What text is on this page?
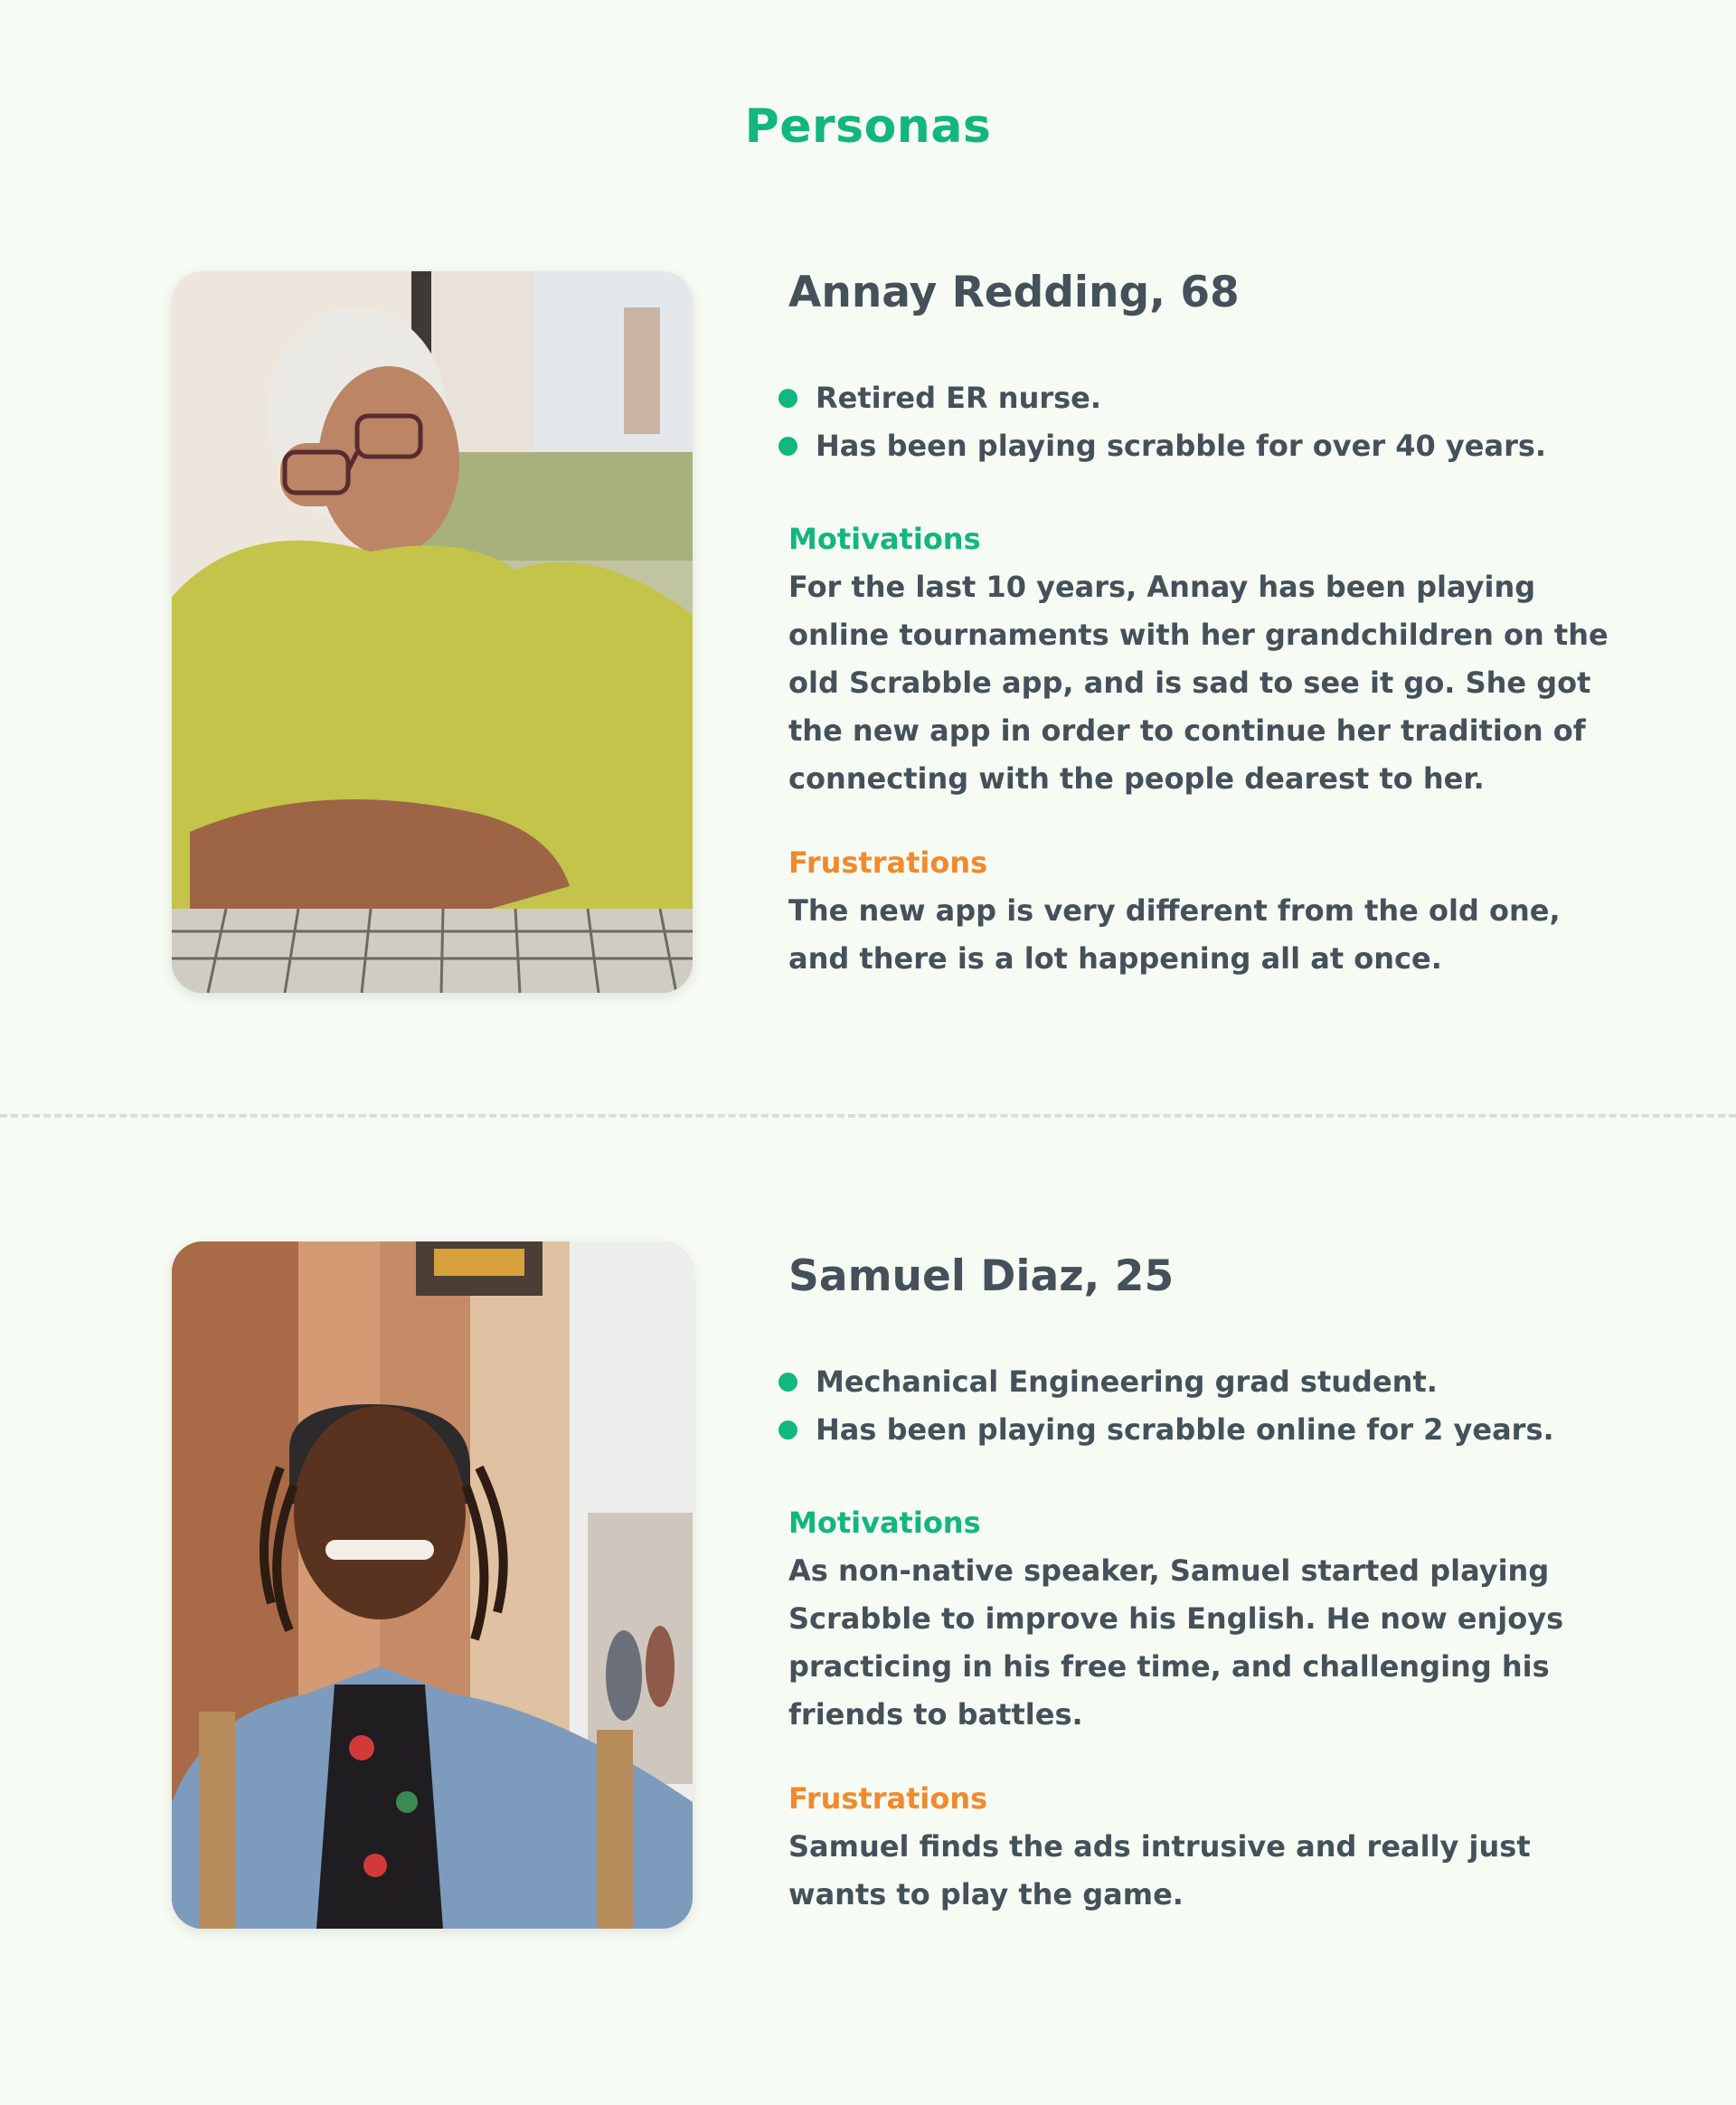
Personas
Annay Redding, 68
Retired ER nurse.
Has been playing scrabble for over 40 years.
Motivations
For the last 10 years, Annay has been playing
online tournaments with her grandchildren on the
old Scrabble app, and is sad to see it go. She got
the new app in order to continue her tradition of
connecting with the people dearest to her.
Frustrations
The new app is very different from the old one,
and there is a lot happening all at once.
Samuel Diaz, 25
Mechanical Engineering grad student.
Has been playing scrabble online for 2 years.
Motivations
As non-native speaker, Samuel started playing
Scrabble to improve his English. He now enjoys
practicing in his free time, and challenging his
friends to battles.
Frustrations
Samuel finds the ads intrusive and really just
wants to play the game.
